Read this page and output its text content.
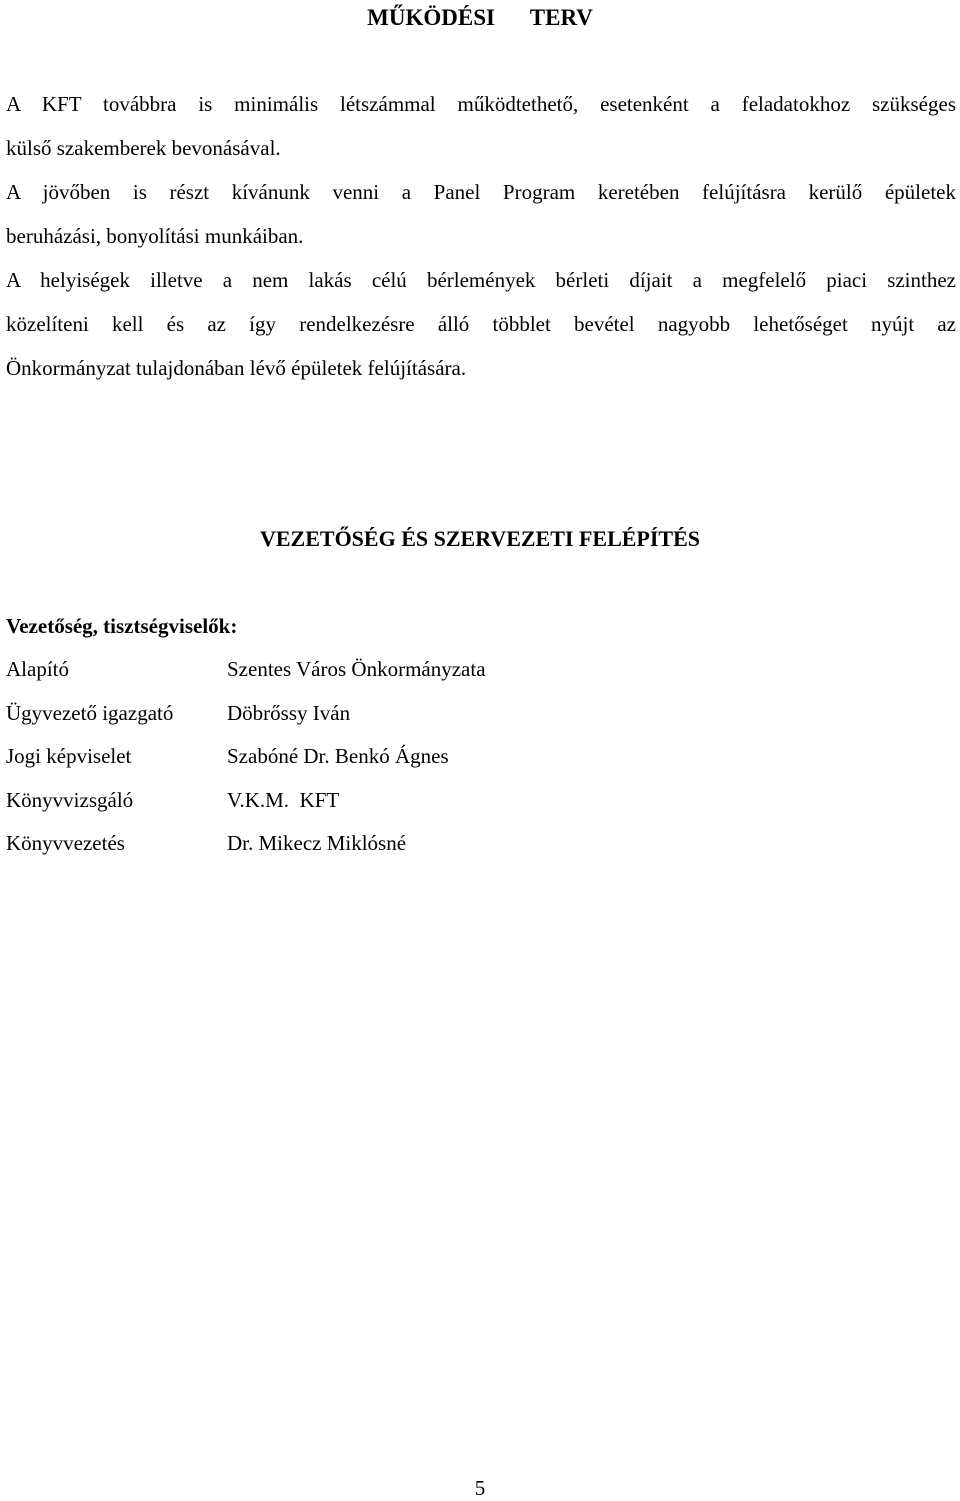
MŰKÖDÉSI   TERV
A KFT továbbra is minimális létszámmal működtethető, esetenként a feladatokhoz szükséges
külső szakemberek bevonásával.
A jövőben is részt kívánunk venni a Panel Program keretében felújításra kerülő épületek
beruházási, bonyolítási munkáiban.
A helyiségek illetve a nem lakás célú bérlemények bérleti díjait a megfelelő piaci szinthez
közelíteni kell és az így rendelkezésre álló többlet bevétel nagyobb lehetőséget nyújt az
Önkormányzat tulajdonában lévő épületek felújítására.
VEZETŐSÉG ÉS SZERVEZETI FELÉPÍTÉS
Vezetőség, tisztségviselők:
Alapító	Szentes Város Önkormányzata
Ügyvezető igazgató	Döbrőssy Iván
Jogi képviselet	Szabóné Dr. Benkó Ágnes
Könyvvizsgáló	V.K.M.  KFT
Könyvvezetés	Dr. Mikecz Miklósné
5
